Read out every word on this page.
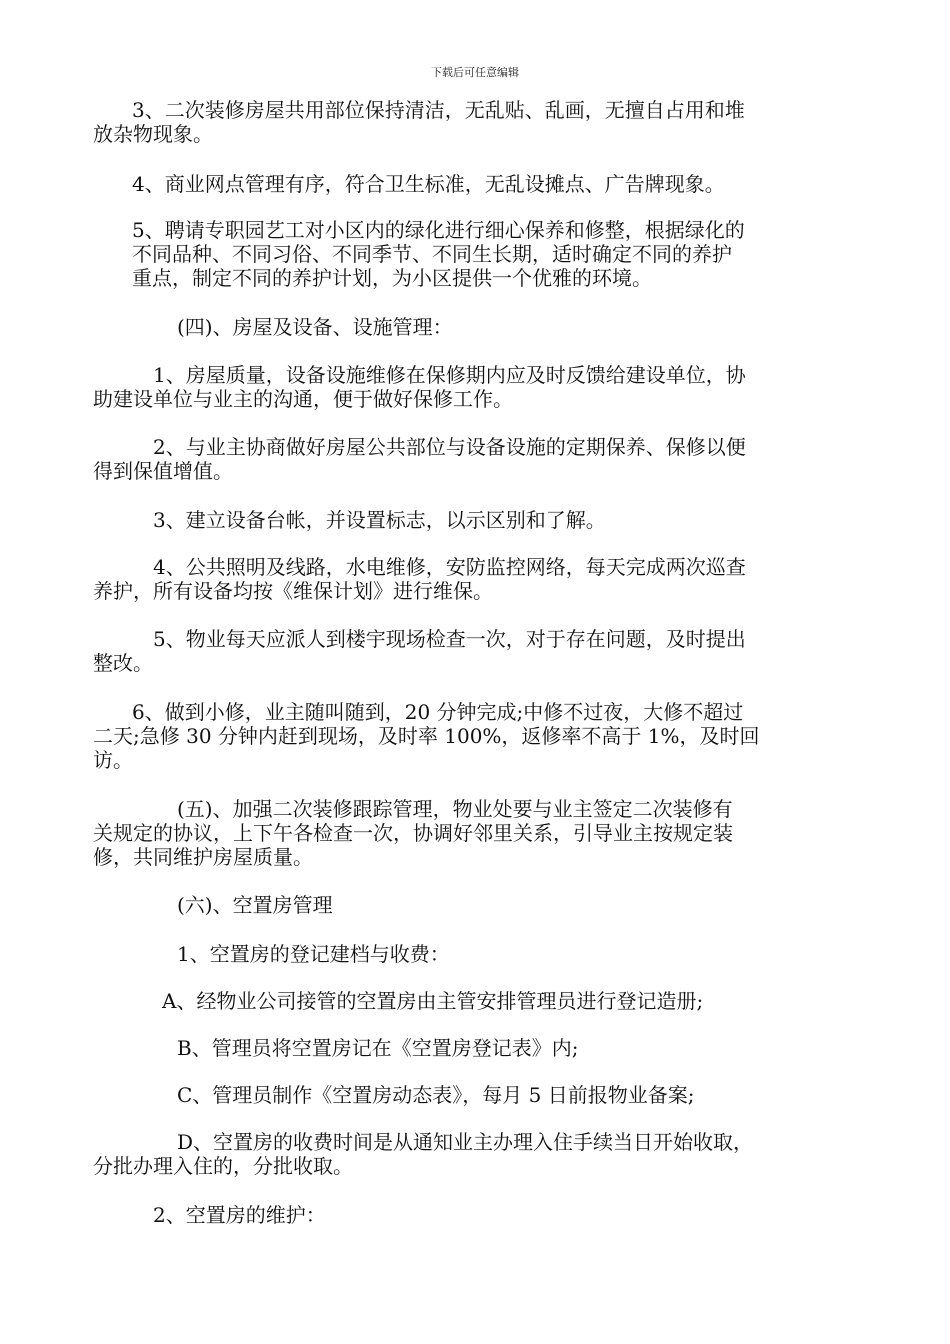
下载后可任意编辑
3、二次装修房屋共用部位保持清洁，无乱贴、乱画，无擅自占用和堆
放杂物现象。
4、商业网点管理有序，符合卫生标准，无乱设摊点、广告牌现象。
5、聘请专职园艺工对小区内的绿化进行细心保养和修整，根据绿化的
不同品种、不同习俗、不同季节、不同生长期，适时确定不同的养护
重点，制定不同的养护计划，为小区提供一个优雅的环境。
(四)、房屋及设备、设施管理：
1、房屋质量，设备设施维修在保修期内应及时反馈给建设单位，协
助建设单位与业主的沟通，便于做好保修工作。
2、与业主协商做好房屋公共部位与设备设施的定期保养、保修以便
得到保值增值。
3、建立设备台帐，并设置标志，以示区别和了解。
4、公共照明及线路，水电维修，安防监控网络，每天完成两次巡查
养护，所有设备均按《维保计划》进行维保。
5、物业每天应派人到楼宇现场检查一次，对于存在问题，及时提出
整改。
6、做到小修，业主随叫随到，20 分钟完成;中修不过夜，大修不超过
二天;急修 30 分钟内赶到现场，及时率 100%，返修率不高于 1%，及时回
访。
(五)、加强二次装修跟踪管理，物业处要与业主签定二次装修有
关规定的协议，上下午各检查一次，协调好邻里关系，引导业主按规定装
修，共同维护房屋质量。
(六)、空置房管理
1、空置房的登记建档与收费：
A、经物业公司接管的空置房由主管安排管理员进行登记造册;
B、管理员将空置房记在《空置房登记表》内;
C、管理员制作《空置房动态表》，每月 5 日前报物业备案;
D、空置房的收费时间是从通知业主办理入住手续当日开始收取，
分批办理入住的，分批收取。
2、空置房的维护：
